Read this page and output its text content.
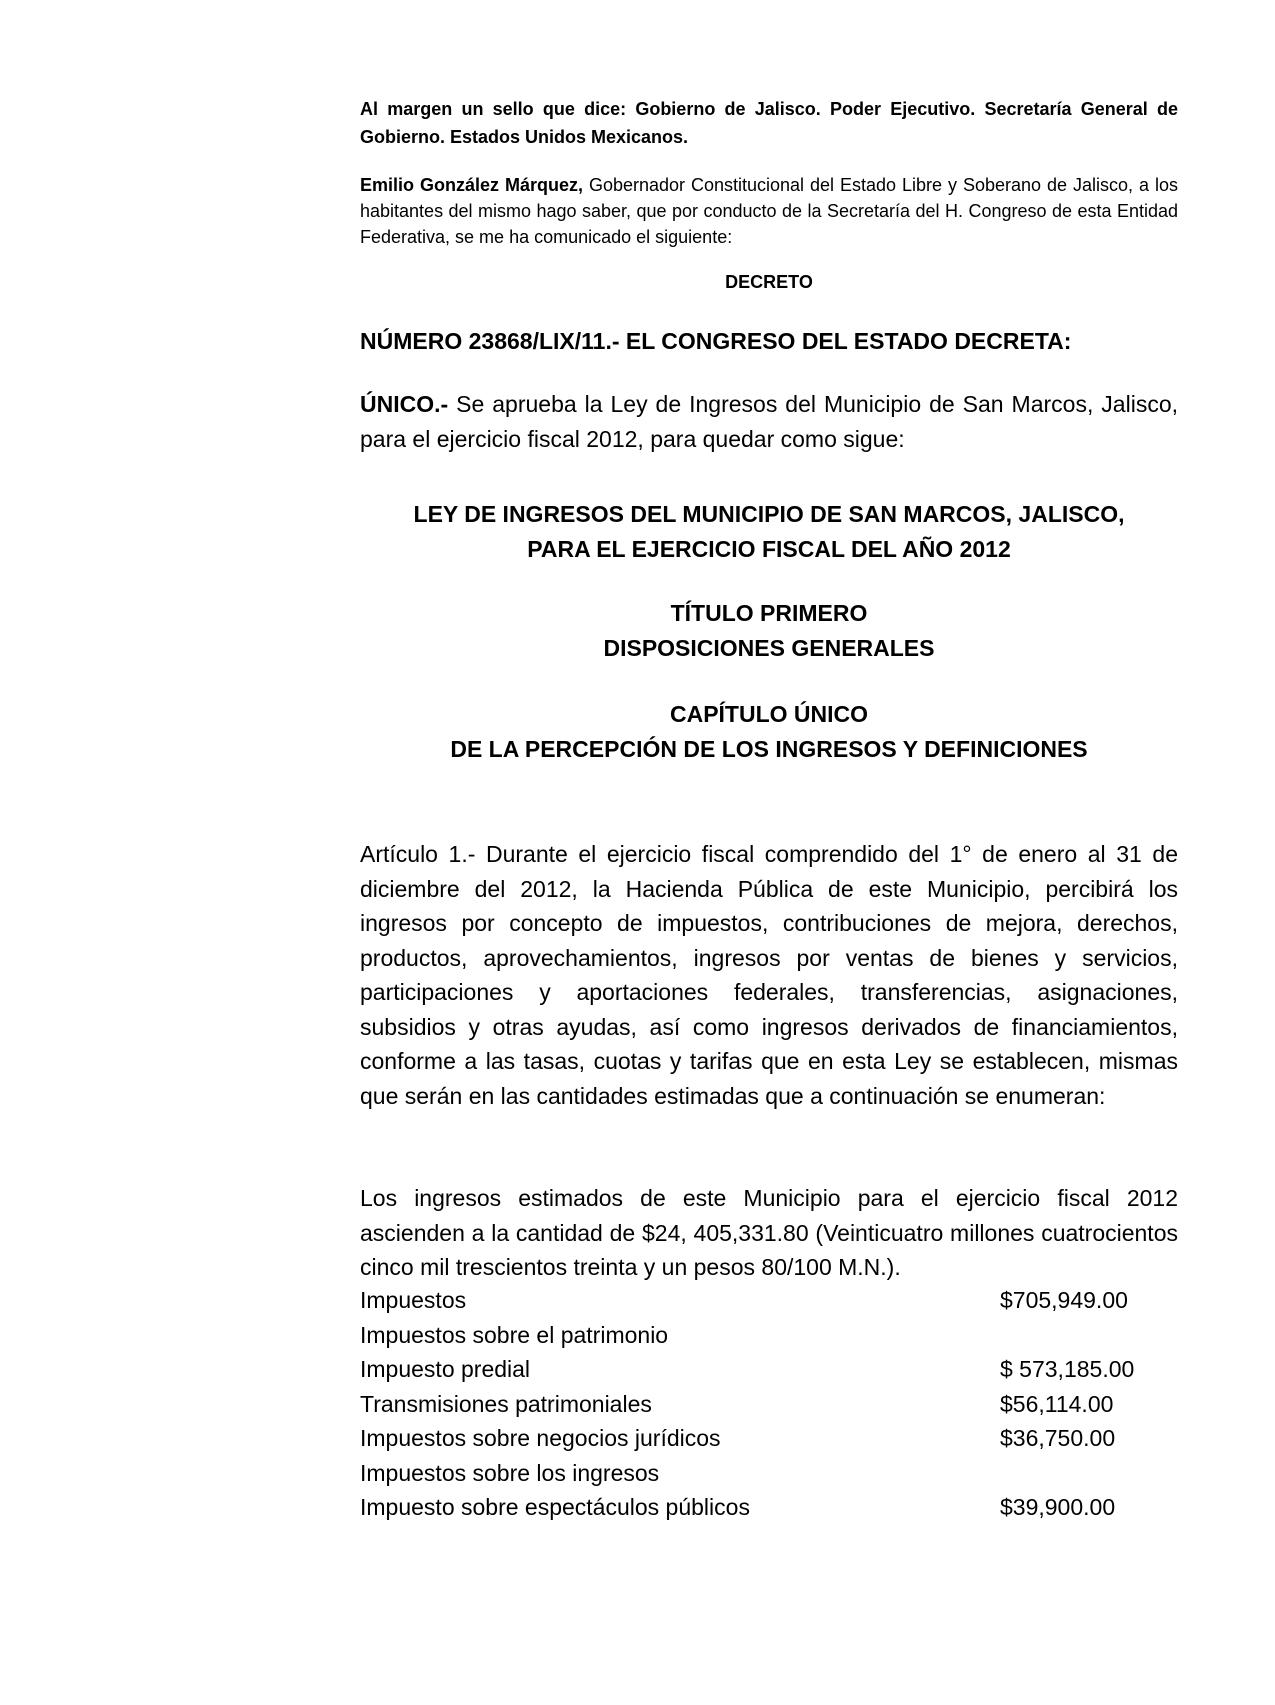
Al margen un sello que dice: Gobierno de Jalisco. Poder Ejecutivo. Secretaría General de Gobierno. Estados Unidos Mexicanos.

Emilio González Márquez, Gobernador Constitucional del Estado Libre y Soberano de Jalisco, a los habitantes del mismo hago saber, que por conducto de la Secretaría del H. Congreso de esta Entidad Federativa, se me ha comunicado el siguiente:

DECRETO

NÚMERO 23868/LIX/11.- EL CONGRESO DEL ESTADO DECRETA:

ÚNICO.- Se aprueba la Ley de Ingresos del Municipio de San Marcos, Jalisco, para el ejercicio fiscal 2012, para quedar como sigue:

LEY DE INGRESOS DEL MUNICIPIO DE SAN MARCOS, JALISCO,
PARA EL EJERCICIO FISCAL DEL AÑO 2012
TÍTULO PRIMERO
DISPOSICIONES GENERALES
CAPÍTULO ÚNICO
DE LA PERCEPCIÓN DE LOS INGRESOS Y DEFINICIONES

Artículo 1.- Durante el ejercicio fiscal comprendido del 1° de enero al 31 de diciembre del 2012, la Hacienda Pública de este Municipio, percibirá los ingresos por concepto de impuestos, contribuciones de mejora, derechos, productos, aprovechamientos, ingresos por ventas de bienes y servicios, participaciones y aportaciones federales, transferencias, asignaciones, subsidios y otras ayudas, así como ingresos derivados de financiamientos, conforme a las tasas, cuotas y tarifas que en esta Ley se establecen, mismas que serán en las cantidades estimadas que a continuación se enumeran:

Los ingresos estimados de este Municipio para el ejercicio fiscal 2012 ascienden a la cantidad de $24, 405,331.80 (Veinticuatro millones cuatrocientos cinco mil trescientos treinta y un pesos 80/100 M.N.).

Impuestos	$705,949.00
Impuestos sobre el patrimonio
Impuesto predial	$ 573,185.00
Transmisiones patrimoniales	$56,114.00
Impuestos sobre negocios jurídicos	$36,750.00
Impuestos sobre los ingresos
Impuesto sobre espectáculos públicos	$39,900.00
